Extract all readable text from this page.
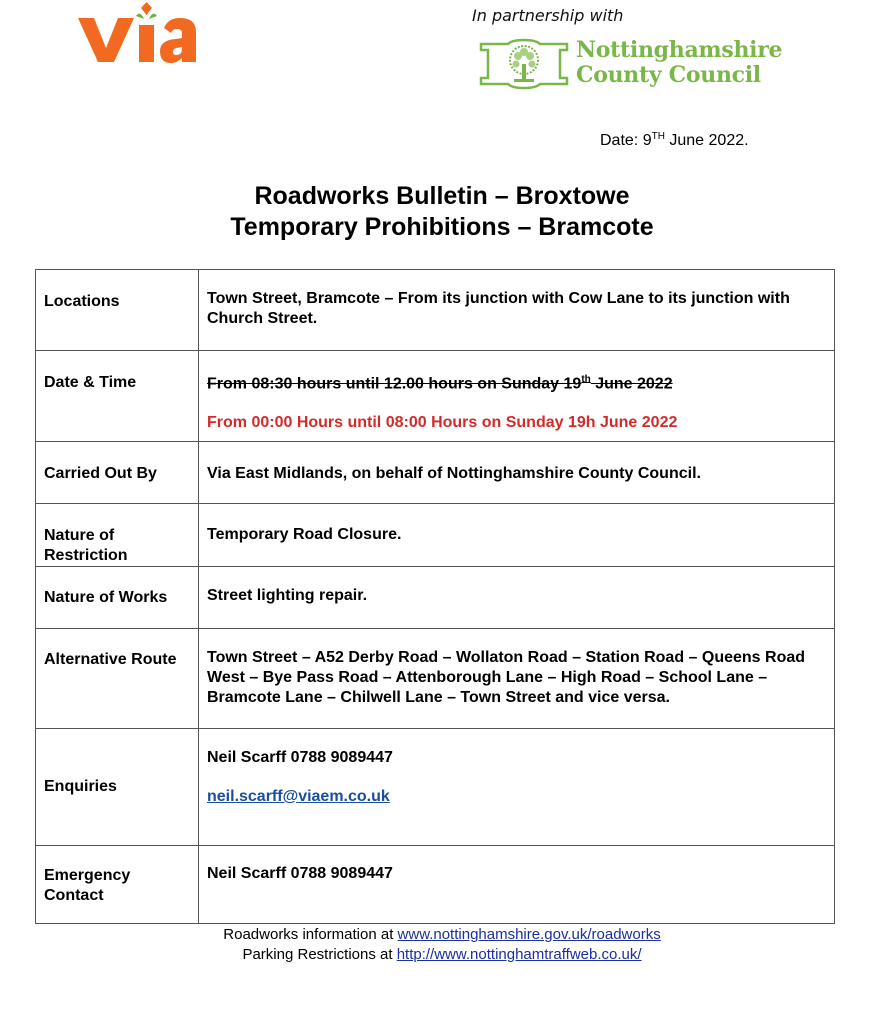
In partnership with
Nottinghamshire
County Council
Date: 9TH June 2022.
Roadworks Bulletin – Broxtowe
Temporary Prohibitions – Bramcote
Locations	Town Street, Bramcote – From its junction with Cow Lane to its junction with Church Street.
Date & Time	From 08:30 hours until 12.00 hours on Sunday 19th June 2022
From 00:00 Hours until 08:00 Hours on Sunday 19h June 2022

Carried Out By	Via East Midlands, on behalf of Nottinghamshire County Council.
Nature of Restriction	Temporary Road Closure.
Nature of Works	Street lighting repair.
Alternative Route	Town Street – A52 Derby Road – Wollaton Road – Station Road – Queens Road West – Bye Pass Road – Attenborough Lane – High Road – School Lane – Bramcote Lane – Chilwell Lane – Town Street and vice versa.
Enquiries	Neil Scarff 0788 9089447
neil.scarff@viaem.co.uk

Emergency Contact	Neil Scarff 0788 9089447
Roadworks information at www.nottinghamshire.gov.uk/roadworks
Parking Restrictions at http://www.nottinghamtraffweb.co.uk/
